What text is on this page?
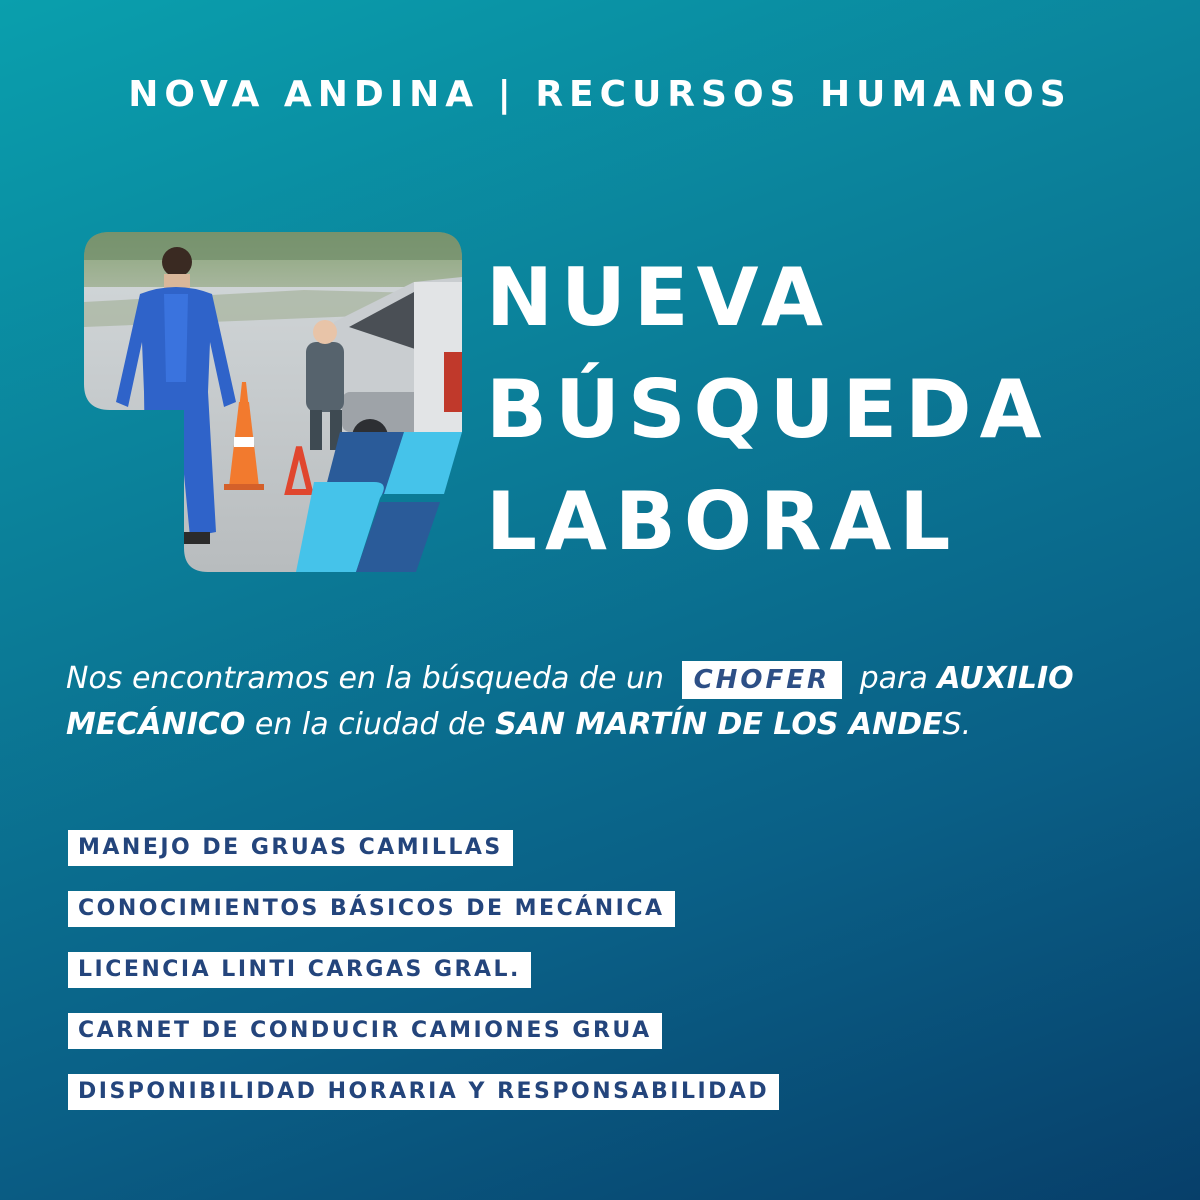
NOVA ANDINA | RECURSOS HUMANOS
NUEVA
BÚSQUEDA
LABORAL
Nos encontramos en la búsqueda de un CHOFER para AUXILIO MECÁNICO en la ciudad de SAN MARTÍN DE LOS ANDES.
MANEJO DE GRUAS CAMILLAS
CONOCIMIENTOS BÁSICOS DE MECÁNICA
LICENCIA LINTI CARGAS GRAL.
CARNET DE CONDUCIR CAMIONES GRUA
DISPONIBILIDAD HORARIA Y RESPONSABILIDAD
